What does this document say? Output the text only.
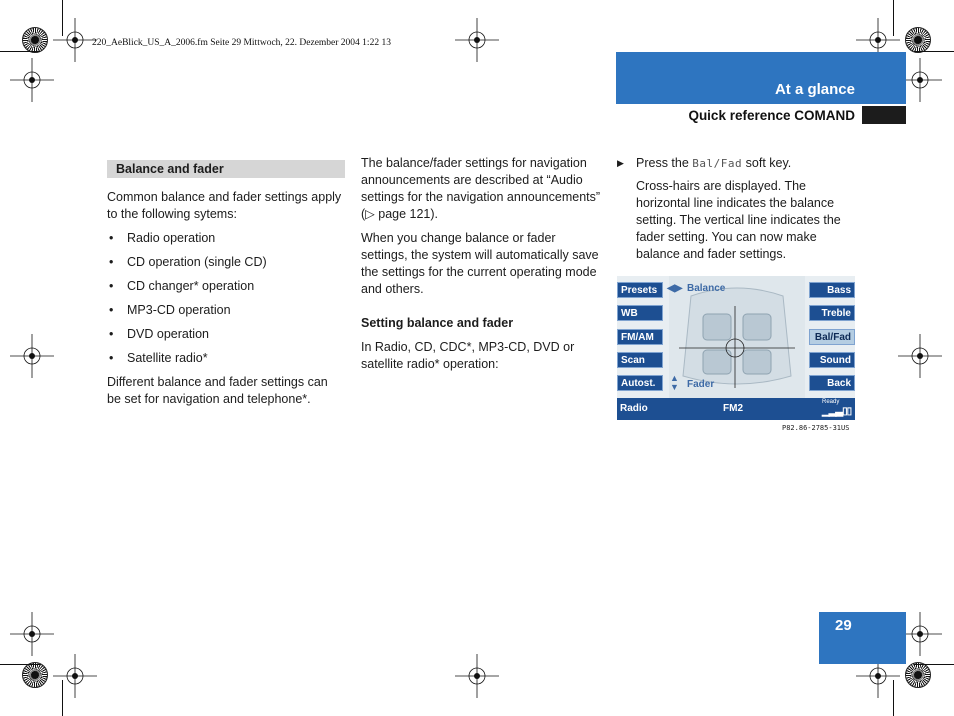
220_AeBlick_US_A_2006.fm Seite 29 Mittwoch, 22. Dezember 2004 1:22 13
At a glance
Quick reference COMAND
Balance and fader

Common balance and fader settings apply to the following sytems:

• Radio operation
• CD operation (single CD)
• CD changer* operation
• MP3-CD operation
• DVD operation
• Satellite radio*

Different balance and fader settings can be set for navigation and telephone*.

The balance/fader settings for navigation announcements are described at “Audio settings for the navigation announcements” (▷ page 121).

When you change balance or fader settings, the system will automatically save the settings for the current operating mode and others.

Setting balance and fader

In Radio, CD, CDC*, MP3-CD, DVD or satellite radio* operation:

▶ Press the Bal/Fad soft key.

Cross-hairs are displayed. The horizontal line indicates the balance setting. The vertical line indicates the fader setting. You can now make balance and fader settings.

Presets
WB
FM/AM
Scan
Autost.
Bass
Treble
Bal/Fad
Sound
Back
◀▶ Balance
▲
▼ Fader
Radio	FM2
Ready
▁▂▃▯▯
P82.86-2785-31US
29
